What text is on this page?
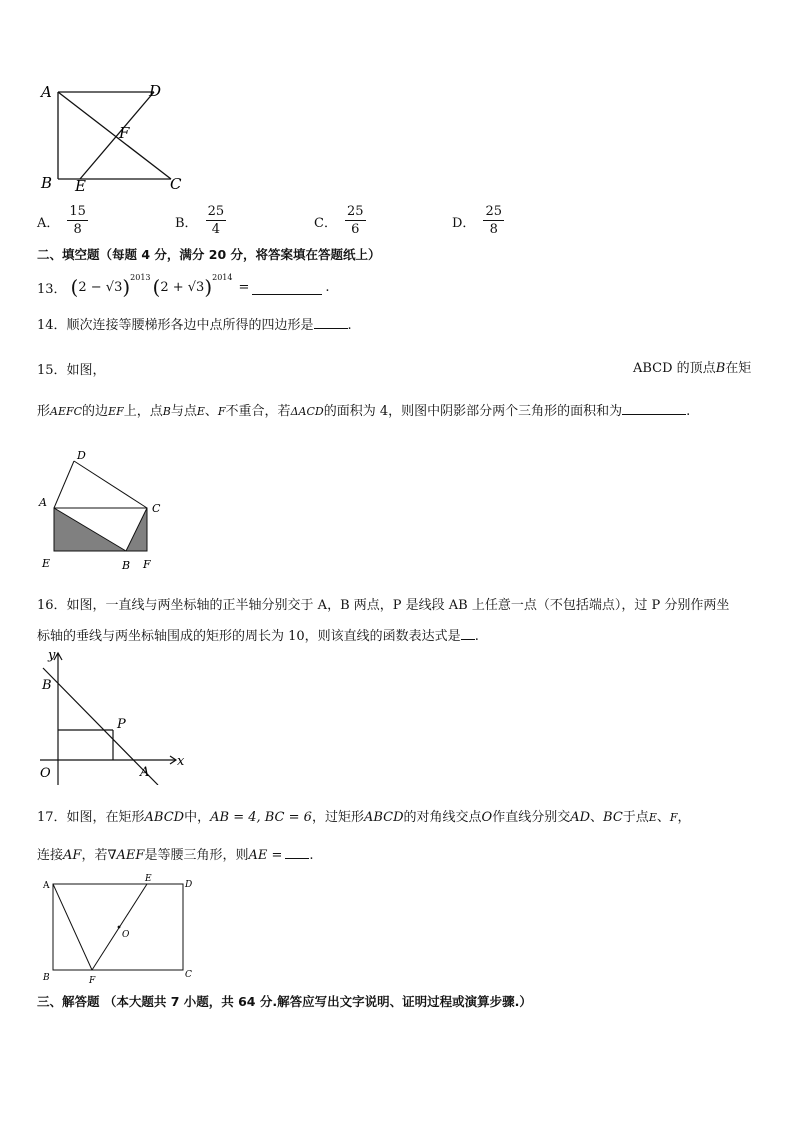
A	D
F
B E	C
A． $\frac{15}{8}$	B． $\frac{25}{4}$	C． $\frac{25}{6}$	D． $\frac{25}{8}$
二、填空题（每题 4 分，满分 20 分，将答案填在答题纸上）
13． ( 2 − √3 )$^{2013}$ ( 2 + √3 )$^{2014}$
=	.
14．顺次连接等腰梯形各边中点所得的四边形是	.
15．如图，	ABCD 的顶点B在矩
形AEFC的边EF上，点B与点E、F不重合，若ΔACD的面积为 4，则图中阴影部分两个三角形的面积和为	.
D
A	C
E	B F
16．如图，一直线与两坐标轴的正半轴分别交于 A，B 两点，P 是线段 AB 上任意一点（不包括端点），过 P 分别作两坐
标轴的垂线与两坐标轴围成的矩形的周长为 10，则该直线的函数表达式是 .
y
B
P
O	A
x
17．如图，在矩形ABCD中，AB = 4, BC = 6，过矩形ABCD的对角线交点O作直线分别交AD、BC于点E、F，
连接AF，若∇AEF是等腰三角形，则AE = .
A
E
D
O
B	F
C
三、解答题 （本大题共 7 小题，共 64 分.解答应写出文字说明、证明过程或演算步骤.）
